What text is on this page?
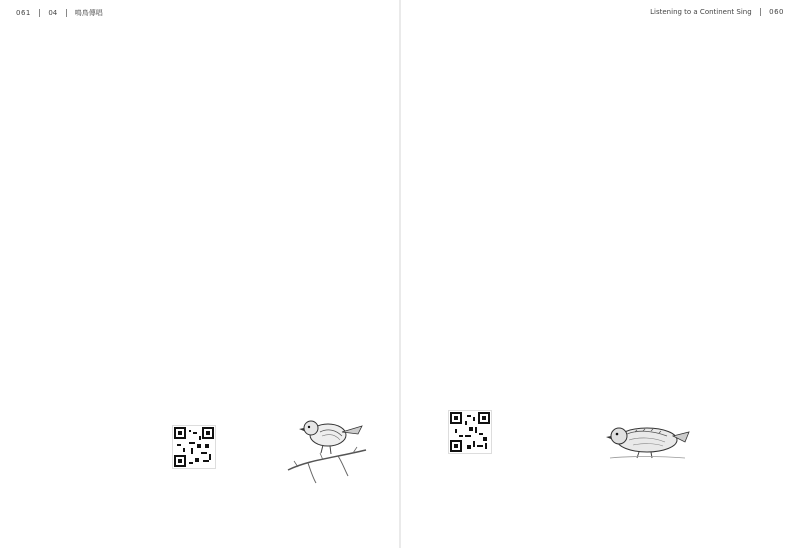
061 04 鳴鳥傳唱	Listening to a Continent Sing 060
